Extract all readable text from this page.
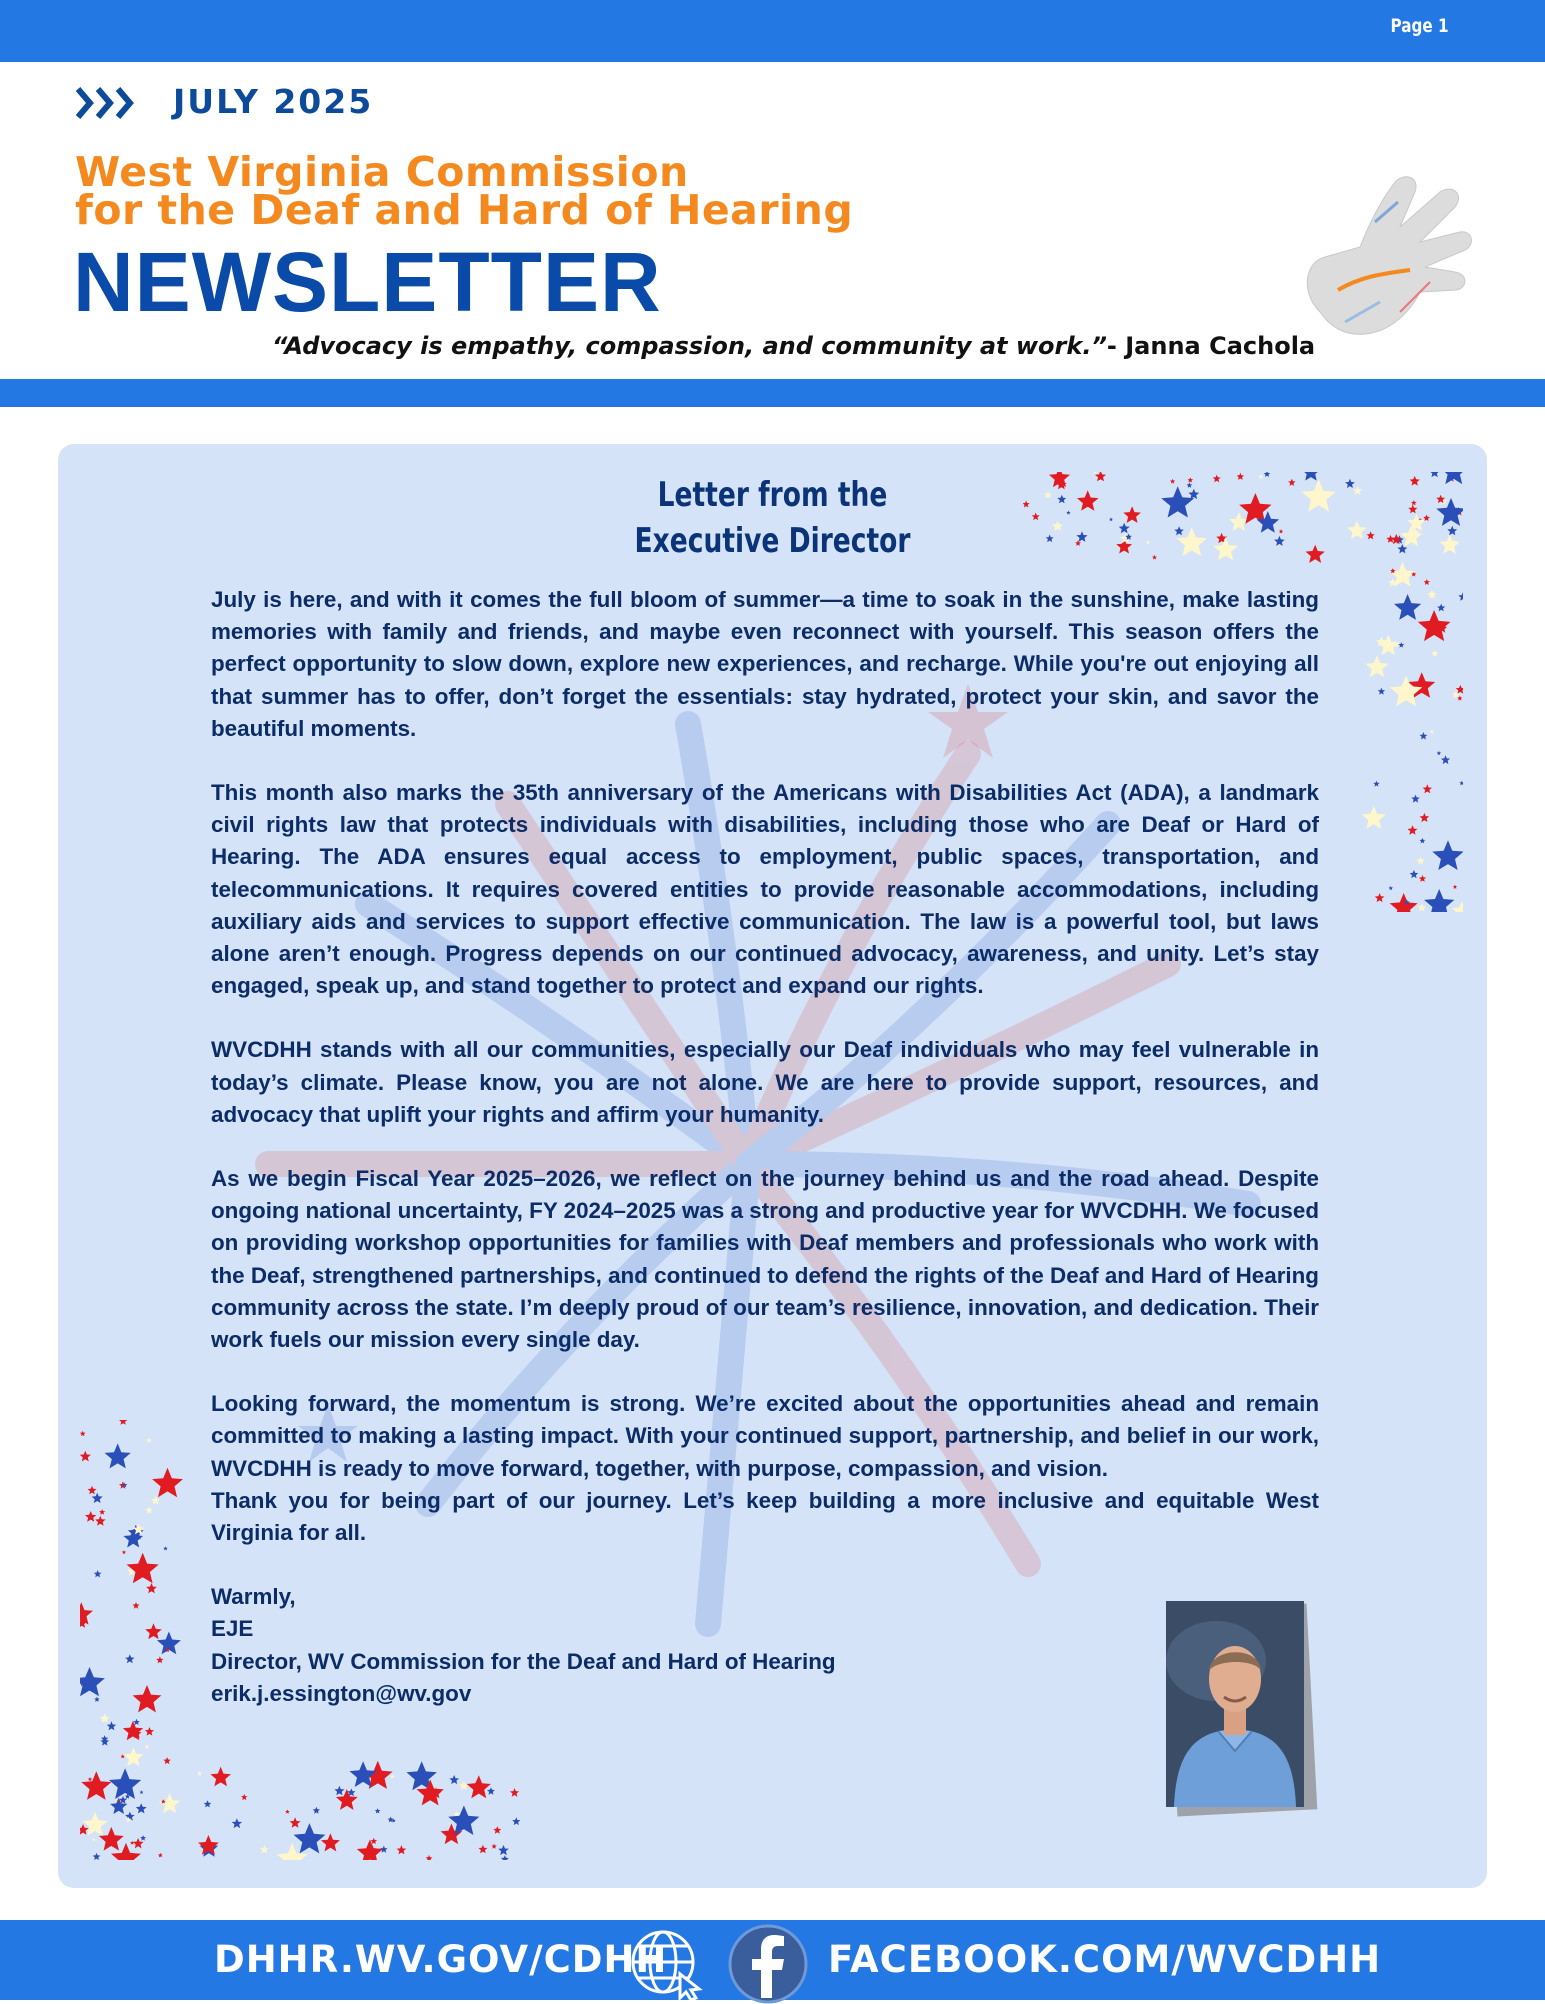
Page 1
JULY 2025
West Virginia Commission
for the Deaf and Hard of Hearing
NEWSLETTER
“Advocacy is empathy, compassion, and community at work.”- Janna Cachola
Letter from the
Executive Director

July is here, and with it comes the full bloom of summer—a time to soak in the sunshine, make lasting memories with family and friends, and maybe even reconnect with yourself. This season offers the perfect opportunity to slow down, explore new experiences, and recharge. While you're out enjoying all that summer has to offer, don’t forget the essentials: stay hydrated, protect your skin, and savor the beautiful moments.

This month also marks the 35th anniversary of the Americans with Disabilities Act (ADA), a landmark civil rights law that protects individuals with disabilities, including those who are Deaf or Hard of Hearing. The ADA ensures equal access to employment, public spaces, transportation, and telecommunications. It requires covered entities to provide reasonable accommodations, including auxiliary aids and services to support effective communication. The law is a powerful tool, but laws alone aren’t enough. Progress depends on our continued advocacy, awareness, and unity. Let’s stay engaged, speak up, and stand together to protect and expand our rights.

WVCDHH stands with all our communities, especially our Deaf individuals who may feel vulnerable in today’s climate. Please know, you are not alone. We are here to provide support, resources, and advocacy that uplift your rights and affirm your humanity.

As we begin Fiscal Year 2025–2026, we reflect on the journey behind us and the road ahead. Despite ongoing national uncertainty, FY 2024–2025 was a strong and productive year for WVCDHH. We focused on providing workshop opportunities for families with Deaf members and professionals who work with the Deaf, strengthened partnerships, and continued to defend the rights of the Deaf and Hard of Hearing community across the state. I’m deeply proud of our team’s resilience, innovation, and dedication. Their work fuels our mission every single day.

Looking forward, the momentum is strong. We’re excited about the opportunities ahead and remain committed to making a lasting impact. With your continued support, partnership, and belief in our work, WVCDHH is ready to move forward, together, with purpose, compassion, and vision.

Thank you for being part of our journey. Let’s keep building a more inclusive and equitable West Virginia for all.

Warmly,
EJE
Director, WV Commission for the Deaf and Hard of Hearing
erik.j.essington@wv.gov
DHHR.WV.GOV/CDHH	FACEBOOK.COM/WVCDHH
